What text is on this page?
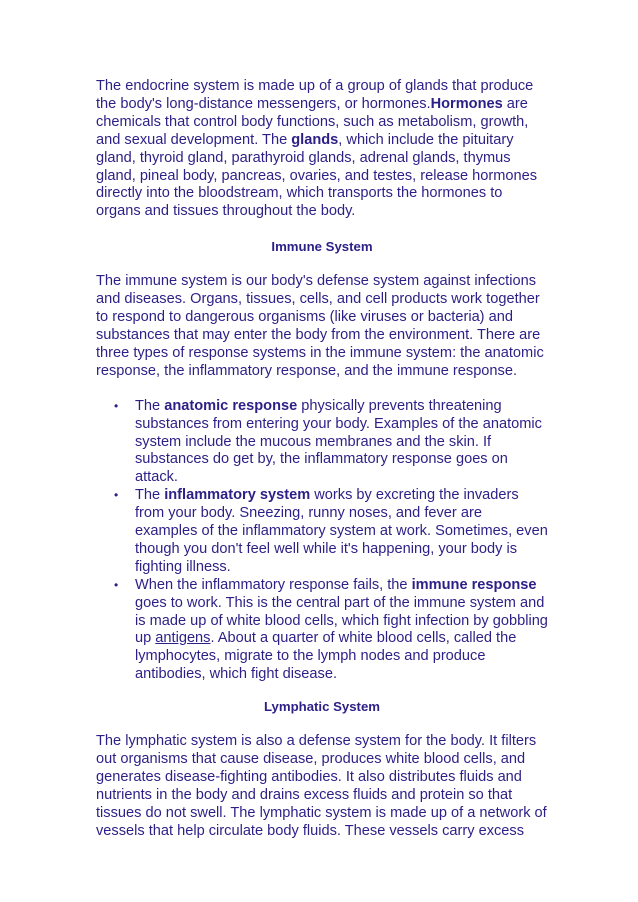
The endocrine system is made up of a group of glands that produce the body's long-distance messengers, or hormones.Hormones are chemicals that control body functions, such as metabolism, growth, and sexual development. The glands, which include the pituitary gland, thyroid gland, parathyroid glands, adrenal glands, thymus gland, pineal body, pancreas, ovaries, and testes, release hormones directly into the bloodstream, which transports the hormones to organs and tissues throughout the body.

Immune System

The immune system is our body's defense system against infections and diseases. Organs, tissues, cells, and cell products work together to respond to dangerous organisms (like viruses or bacteria) and substances that may enter the body from the environment. There are three types of response systems in the immune system: the anatomic response, the inflammatory response, and the immune response.

• The anatomic response physically prevents threatening substances from entering your body. Examples of the anatomic system include the mucous membranes and the skin. If substances do get by, the inflammatory response goes on attack.
• The inflammatory system works by excreting the invaders from your body. Sneezing, runny noses, and fever are examples of the inflammatory system at work. Sometimes, even though you don't feel well while it's happening, your body is fighting illness.
• When the inflammatory response fails, the immune response goes to work. This is the central part of the immune system and is made up of white blood cells, which fight infection by gobbling up antigens. About a quarter of white blood cells, called the lymphocytes, migrate to the lymph nodes and produce antibodies, which fight disease.

Lymphatic System

The lymphatic system is also a defense system for the body. It filters out organisms that cause disease, produces white blood cells, and generates disease-fighting antibodies. It also distributes fluids and nutrients in the body and drains excess fluids and protein so that tissues do not swell. The lymphatic system is made up of a network of vessels that help circulate body fluids. These vessels carry excess
